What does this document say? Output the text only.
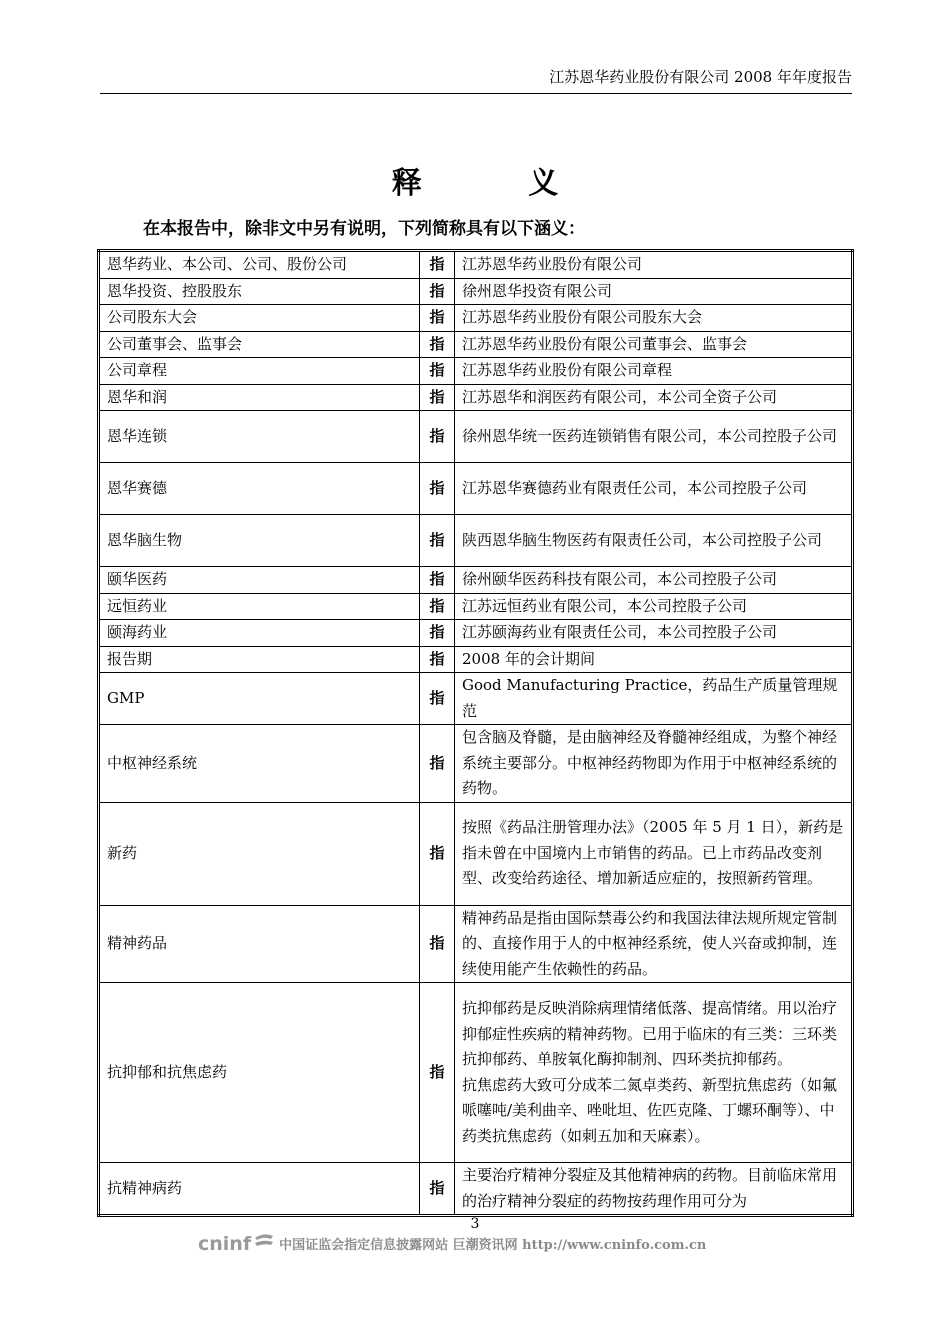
江苏恩华药业股份有限公司 2008 年年度报告
释 义
在本报告中，除非文中另有说明，下列简称具有以下涵义：
恩华药业、本公司、公司、股份公司	指	江苏恩华药业股份有限公司
恩华投资、控股股东	指	徐州恩华投资有限公司
公司股东大会	指	江苏恩华药业股份有限公司股东大会
公司董事会、监事会	指	江苏恩华药业股份有限公司董事会、监事会
公司章程	指	江苏恩华药业股份有限公司章程
恩华和润	指	江苏恩华和润医药有限公司，本公司全资子公司
恩华连锁	指	徐州恩华统一医药连锁销售有限公司，本公司控股子公司
恩华赛德	指	江苏恩华赛德药业有限责任公司，本公司控股子公司
恩华脑生物	指	陕西恩华脑生物医药有限责任公司，本公司控股子公司
颐华医药	指	徐州颐华医药科技有限公司，本公司控股子公司
远恒药业	指	江苏远恒药业有限公司，本公司控股子公司
颐海药业	指	江苏颐海药业有限责任公司，本公司控股子公司
报告期	指	2008 年的会计期间
GMP	指	Good Manufacturing Practice，药品生产质量管理规范
中枢神经系统	指	包含脑及脊髓，是由脑神经及脊髓神经组成，为整个神经系统主要部分。中枢神经药物即为作用于中枢神经系统的药物。
新药	指	按照《药品注册管理办法》（2005 年 5 月 1 日），新药是指未曾在中国境内上市销售的药品。已上市药品改变剂型、改变给药途径、增加新适应症的，按照新药管理。
精神药品	指	精神药品是指由国际禁毒公约和我国法律法规所规定管制的、直接作用于人的中枢神经系统，使人兴奋或抑制，连续使用能产生依赖性的药品。
抗抑郁和抗焦虑药	指	抗抑郁药是反映消除病理情绪低落、提高情绪。用以治疗抑郁症性疾病的精神药物。已用于临床的有三类：三环类抗抑郁药、单胺氧化酶抑制剂、四环类抗抑郁药。
抗焦虑药大致可分成苯二氮卓类药、新型抗焦虑药（如氟哌噻吨/美利曲辛、唑吡坦、佐匹克隆、丁螺环酮等）、中药类抗焦虑药（如刺五加和天麻素）。

抗精神病药	指	主要治疗精神分裂症及其他精神病的药物。目前临床常用的治疗精神分裂症的药物按药理作用可分为
3
cninf	中国证监会指定信息披露网站 巨潮资讯网 http://www.cninfo.com.cn
